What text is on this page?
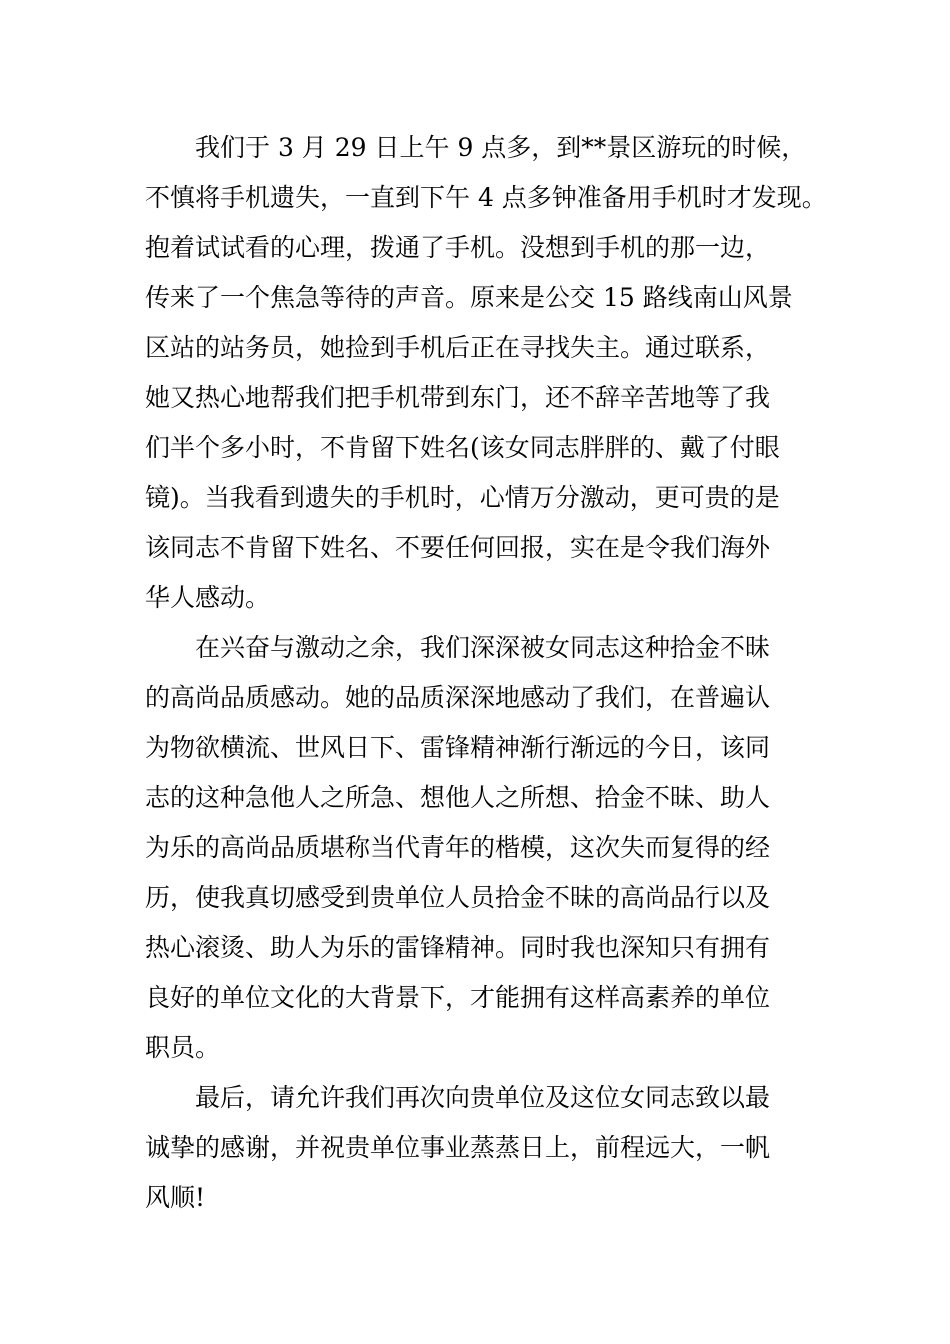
　　我们于 3 月 29 日上午 9 点多，到**景区游玩的时候，
不慎将手机遗失，一直到下午 4 点多钟准备用手机时才发现。
抱着试试看的心理，拨通了手机。没想到手机的那一边，
传来了一个焦急等待的声音。原来是公交 15 路线南山风景
区站的站务员，她捡到手机后正在寻找失主。通过联系，
她又热心地帮我们把手机带到东门，还不辞辛苦地等了我
们半个多小时，不肯留下姓名(该女同志胖胖的、戴了付眼
镜)。当我看到遗失的手机时，心情万分激动，更可贵的是
该同志不肯留下姓名、不要任何回报，实在是令我们海外
华人感动。
　　在兴奋与激动之余，我们深深被女同志这种拾金不昧
的高尚品质感动。她的品质深深地感动了我们，在普遍认
为物欲横流、世风日下、雷锋精神渐行渐远的今日，该同
志的这种急他人之所急、想他人之所想、拾金不昧、助人
为乐的高尚品质堪称当代青年的楷模，这次失而复得的经
历，使我真切感受到贵单位人员拾金不昧的高尚品行以及
热心滚烫、助人为乐的雷锋精神。同时我也深知只有拥有
良好的单位文化的大背景下，才能拥有这样高素养的单位
职员。
　　最后，请允许我们再次向贵单位及这位女同志致以最
诚挚的感谢，并祝贵单位事业蒸蒸日上，前程远大，一帆
风顺!
